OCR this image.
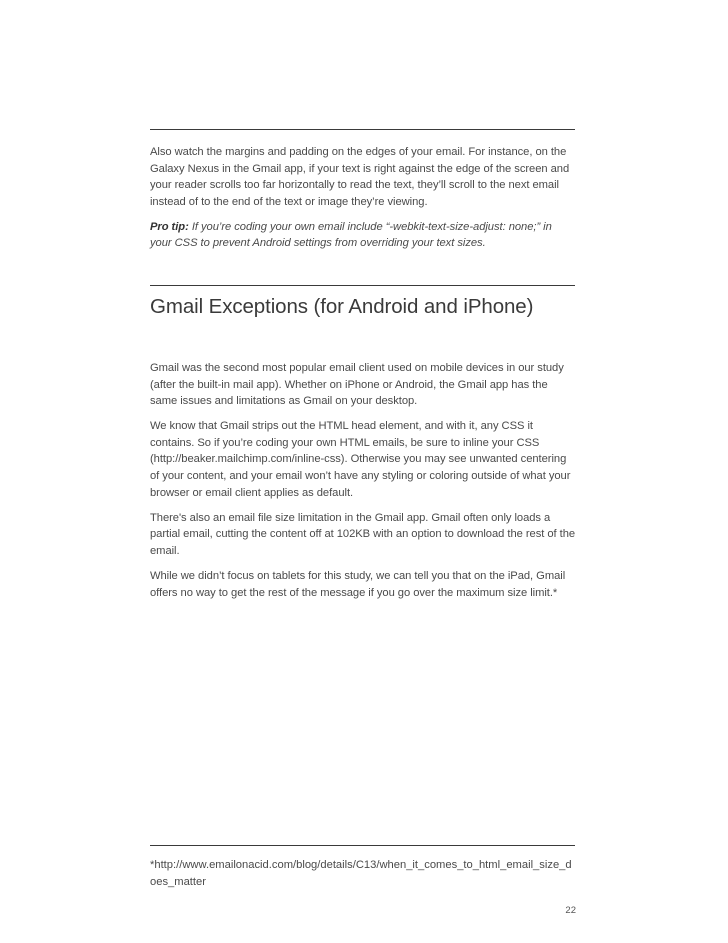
Also watch the margins and padding on the edges of your email. For instance, on the Galaxy Nexus in the Gmail app, if your text is right against the edge of the screen and your reader scrolls too far horizontally to read the text, they’ll scroll to the next email instead of to the end of the text or image they’re viewing.

Pro tip: If you’re coding your own email include “-webkit-text-size-adjust: none;” in your CSS to prevent Android settings from overriding your text sizes.

Gmail Exceptions (for Android and iPhone)

Gmail was the second most popular email client used on mobile devices in our study (after the built-in mail app). Whether on iPhone or Android, the Gmail app has the same issues and limitations as Gmail on your desktop.

We know that Gmail strips out the HTML head element, and with it, any CSS it contains. So if you’re coding your own HTML emails, be sure to inline your CSS (http://beaker.mailchimp.com/inline-css). Otherwise you may see unwanted centering of your content, and your email won’t have any styling or coloring outside of what your browser or email client applies as default.

There's also an email file size limitation in the Gmail app. Gmail often only loads a partial email, cutting the content off at 102KB with an option to download the rest of the email.

While we didn’t focus on tablets for this study, we can tell you that on the iPad, Gmail offers no way to get the rest of the message if you go over the maximum size limit.*

*http://www.emailonacid.com/blog/details/C13/when_it_comes_to_html_email_size_does_matter
22
